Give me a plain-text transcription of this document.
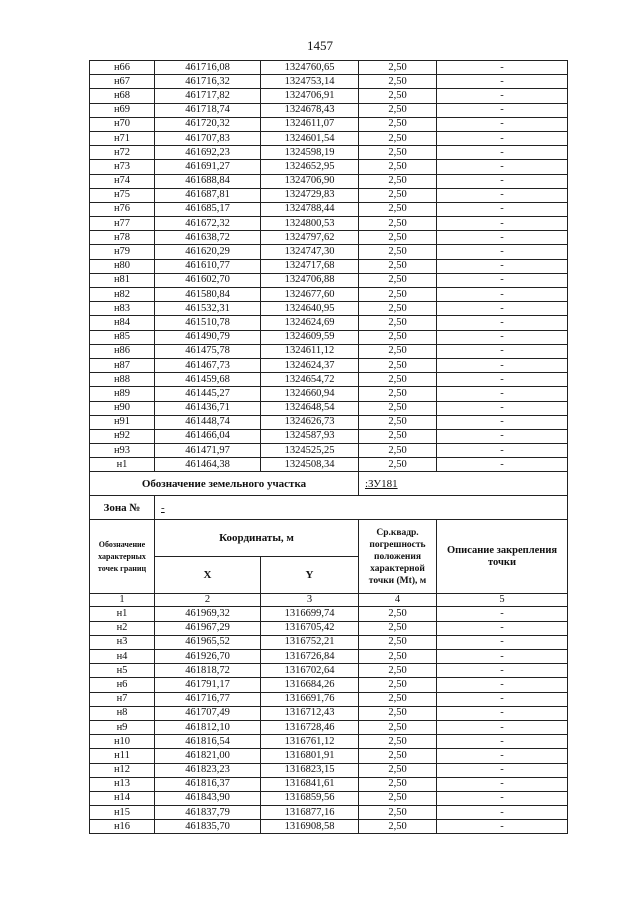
1457
н66	461716,08	1324760,65	2,50	-
н67	461716,32	1324753,14	2,50	-
н68	461717,82	1324706,91	2,50	-
н69	461718,74	1324678,43	2,50	-
н70	461720,32	1324611,07	2,50	-
н71	461707,83	1324601,54	2,50	-
н72	461692,23	1324598,19	2,50	-
н73	461691,27	1324652,95	2,50	-
н74	461688,84	1324706,90	2,50	-
н75	461687,81	1324729,83	2,50	-
н76	461685,17	1324788,44	2,50	-
н77	461672,32	1324800,53	2,50	-
н78	461638,72	1324797,62	2,50	-
н79	461620,29	1324747,30	2,50	-
н80	461610,77	1324717,68	2,50	-
н81	461602,70	1324706,88	2,50	-
н82	461580,84	1324677,60	2,50	-
н83	461532,31	1324640,95	2,50	-
н84	461510,78	1324624,69	2,50	-
н85	461490,79	1324609,59	2,50	-
н86	461475,78	1324611,12	2,50	-
н87	461467,73	1324624,37	2,50	-
н88	461459,68	1324654,72	2,50	-
н89	461445,27	1324660,94	2,50	-
н90	461436,71	1324648,54	2,50	-
н91	461448,74	1324626,73	2,50	-
н92	461466,04	1324587,93	2,50	-
н93	461471,97	1324525,25	2,50	-
н1	461464,38	1324508,34	2,50	-
Обозначение земельного участка			:ЗУ181	
Зона №	-			
Обозначение характерных точек границ	Координаты, м		Ср.квадр. погрешность положения характерной точки (Mt), м	Описание закрепления точки
	X	Y		
1	2	3	4	5
н1	461969,32	1316699,74	2,50	-
н2	461967,29	1316705,42	2,50	-
н3	461965,52	1316752,21	2,50	-
н4	461926,70	1316726,84	2,50	-
н5	461818,72	1316702,64	2,50	-
н6	461791,17	1316684,26	2,50	-
н7	461716,77	1316691,76	2,50	-
н8	461707,49	1316712,43	2,50	-
н9	461812,10	1316728,46	2,50	-
н10	461816,54	1316761,12	2,50	-
н11	461821,00	1316801,91	2,50	-
н12	461823,23	1316823,15	2,50	-
н13	461816,37	1316841,61	2,50	-
н14	461843,90	1316859,56	2,50	-
н15	461837,79	1316877,16	2,50	-
н16	461835,70	1316908,58	2,50	-
